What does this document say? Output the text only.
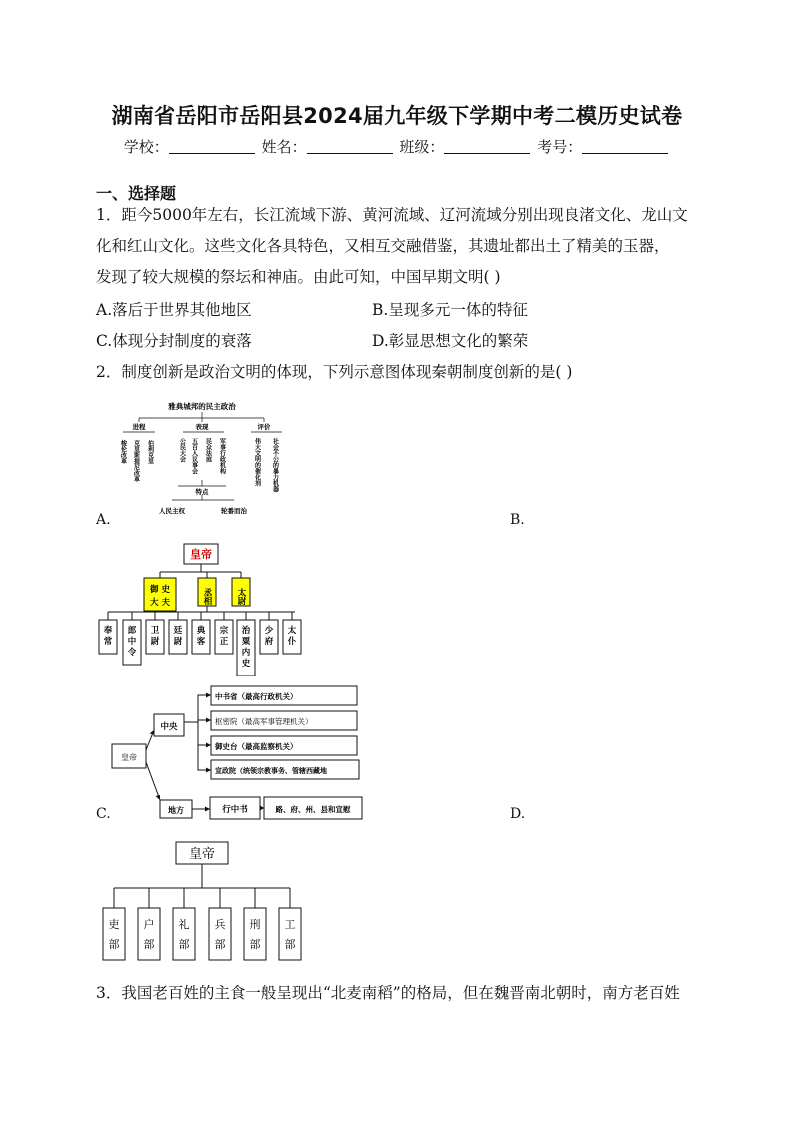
湖南省岳阳市岳阳县2024届九年级下学期中考二模历史试卷
学校：	姓名：	班级：	考号：
一、选择题
1．距今5000年左右，长江流域下游、黄河流域、辽河流域分别出现良渚文化、龙山文
化和红山文化。这些文化各具特色，又相互交融借鉴，其遗址都出土了精美的玉器，
发现了较大规模的祭坛和神庙。由此可知，中国早期文明( )
A.落后于世界其他地区	B.呈现多元一体的特征
C.体现分封制度的衰落	D.彰显思想文化的繁荣
2．制度创新是政治文明的体现，下列示意图体现秦朝制度创新的是( )
雅典城邦的民主政治
进程	表现	评价
梭伦改革 克里斯提尼改革 伯利克里	公民大会 五百人议事会 民众法庭 军事行政机构	伟大文明的催化剂 社会不公的暴力机器
特点
人民主权	轮番而治
A.	B.
皇帝
御 史
大 夫	丞相	太尉
奉常
郎中令
卫尉
廷尉
典客
宗正
治粟内史
少府
太仆
皇帝
中央
地方	行中书	路、府、州、县和宣慰
中书省（最高行政机关）
枢密院（最高军事管理机关）
御史台（最高监察机关）
宣政院（统领宗教事务、管辖西藏地
C.	D.
皇帝
吏部
户部
礼部
兵部
刑部
工部
3．我国老百姓的主食一般呈现出“北麦南稻”的格局，但在魏晋南北朝时，南方老百姓
